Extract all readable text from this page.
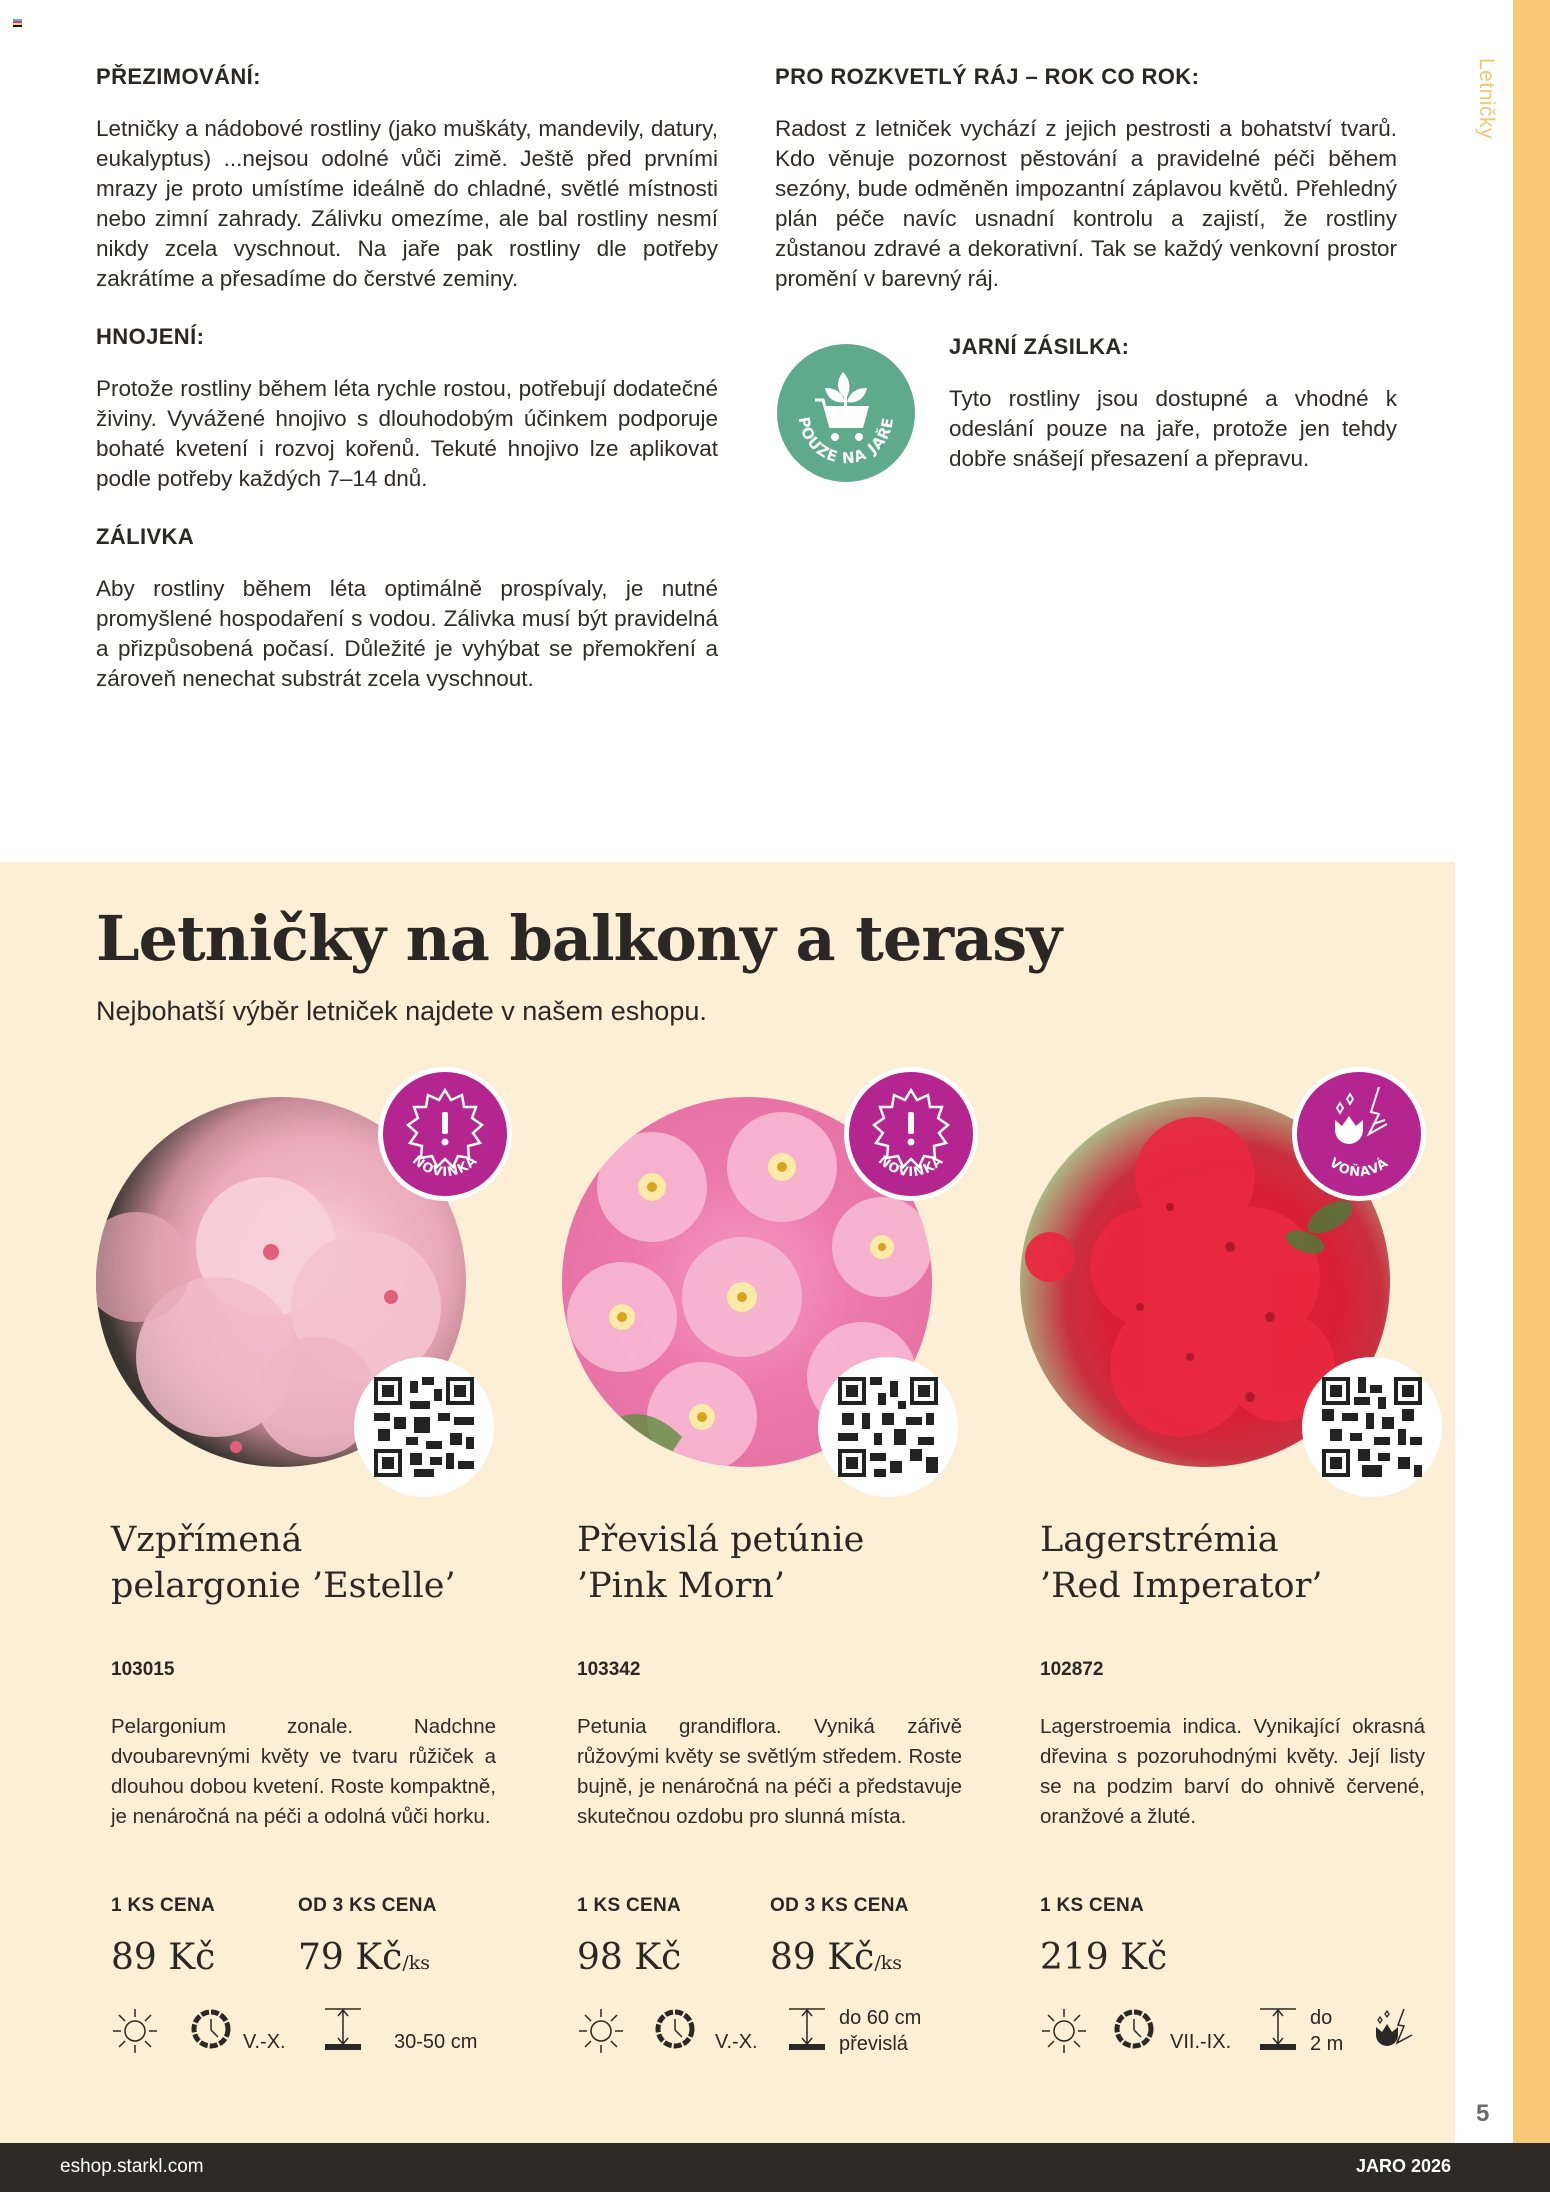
Letničky
PŘEZIMOVÁNÍ:

Letničky a nádobové rostliny (jako muškáty, mandevily, datury, eukalyptus) ...nejsou odolné vůči zimě. Ještě před prvními mrazy je proto umístíme ideálně do chladné, světlé místnosti nebo zimní zahrady. Zálivku omezíme, ale bal rostliny nesmí nikdy zcela vyschnout. Na jaře pak rostliny dle potřeby zakrátíme a přesadíme do čerstvé zeminy.

HNOJENÍ:

Protože rostliny během léta rychle rostou, potřebují dodatečné živiny. Vyvážené hnojivo s dlouhodobým účinkem podporuje bohaté kvetení i rozvoj kořenů. Tekuté hnojivo lze aplikovat podle potřeby každých 7–14 dnů.

ZÁLIVKA

Aby rostliny během léta optimálně prospívaly, je nutné promyšlené hospodaření s vodou. Zálivka musí být pravidelná a přizpůsobená počasí. Důležité je vyhýbat se přemokření a zároveň nenechat substrát zcela vyschnout.

PRO ROZKVETLÝ RÁJ – ROK CO ROK:

Radost z letniček vychází z jejich pestrosti a bohatství tvarů. Kdo věnuje pozornost pěstování a pravidelné péči během sezóny, bude odměněn impozantní záplavou květů. Přehledný plán péče navíc usnadní kontrolu a zajistí, že rostliny zůstanou zdravé a dekorativní. Tak se každý venkovní prostor promění v barevný ráj.

POUZE NA JAŘE
JARNÍ ZÁSILKA:

Tyto rostliny jsou dostupné a vhodné k odeslání pouze na jaře, protože jen tehdy dobře snášejí přesazení a přepravu.

Letničky na balkony a terasy
Nejbohatší výběr letniček najdete v našem eshopu.
NOVINKA
Vzpřímená
pelargonie ’Estelle’
103015

Pelargonium zonale. Nadchne dvoubarevnými květy ve tvaru růžiček a dlouhou dobou kvetení. Roste kompaktně, je nenáročná na péči a odolná vůči horku.

1 KS CENA
89 Kč
OD 3 KS CENA
79 Kč/ks
V.-X.	30-50 cm
NOVINKA
Převislá petúnie
’Pink Morn’
103342

Petunia grandiflora. Vyniká zářivě růžovými květy se světlým středem. Roste bujně, je nenáročná na péči a představuje skutečnou ozdobu pro slunná místa.

1 KS CENA
98 Kč
OD 3 KS CENA
89 Kč/ks
V.-X.
do 60 cm
převislá
VOŇAVÁ
Lagerstrémia
’Red Imperator’
102872

Lagerstroemia indica. Vynikající okrasná dřevina s pozoruhodnými květy. Její listy se na podzim barví do ohnivě červené, oranžové a žluté.

1 KS CENA
219 Kč
VII.-IX.
do
2 m
5
eshop.starkl.com	JARO 2026
